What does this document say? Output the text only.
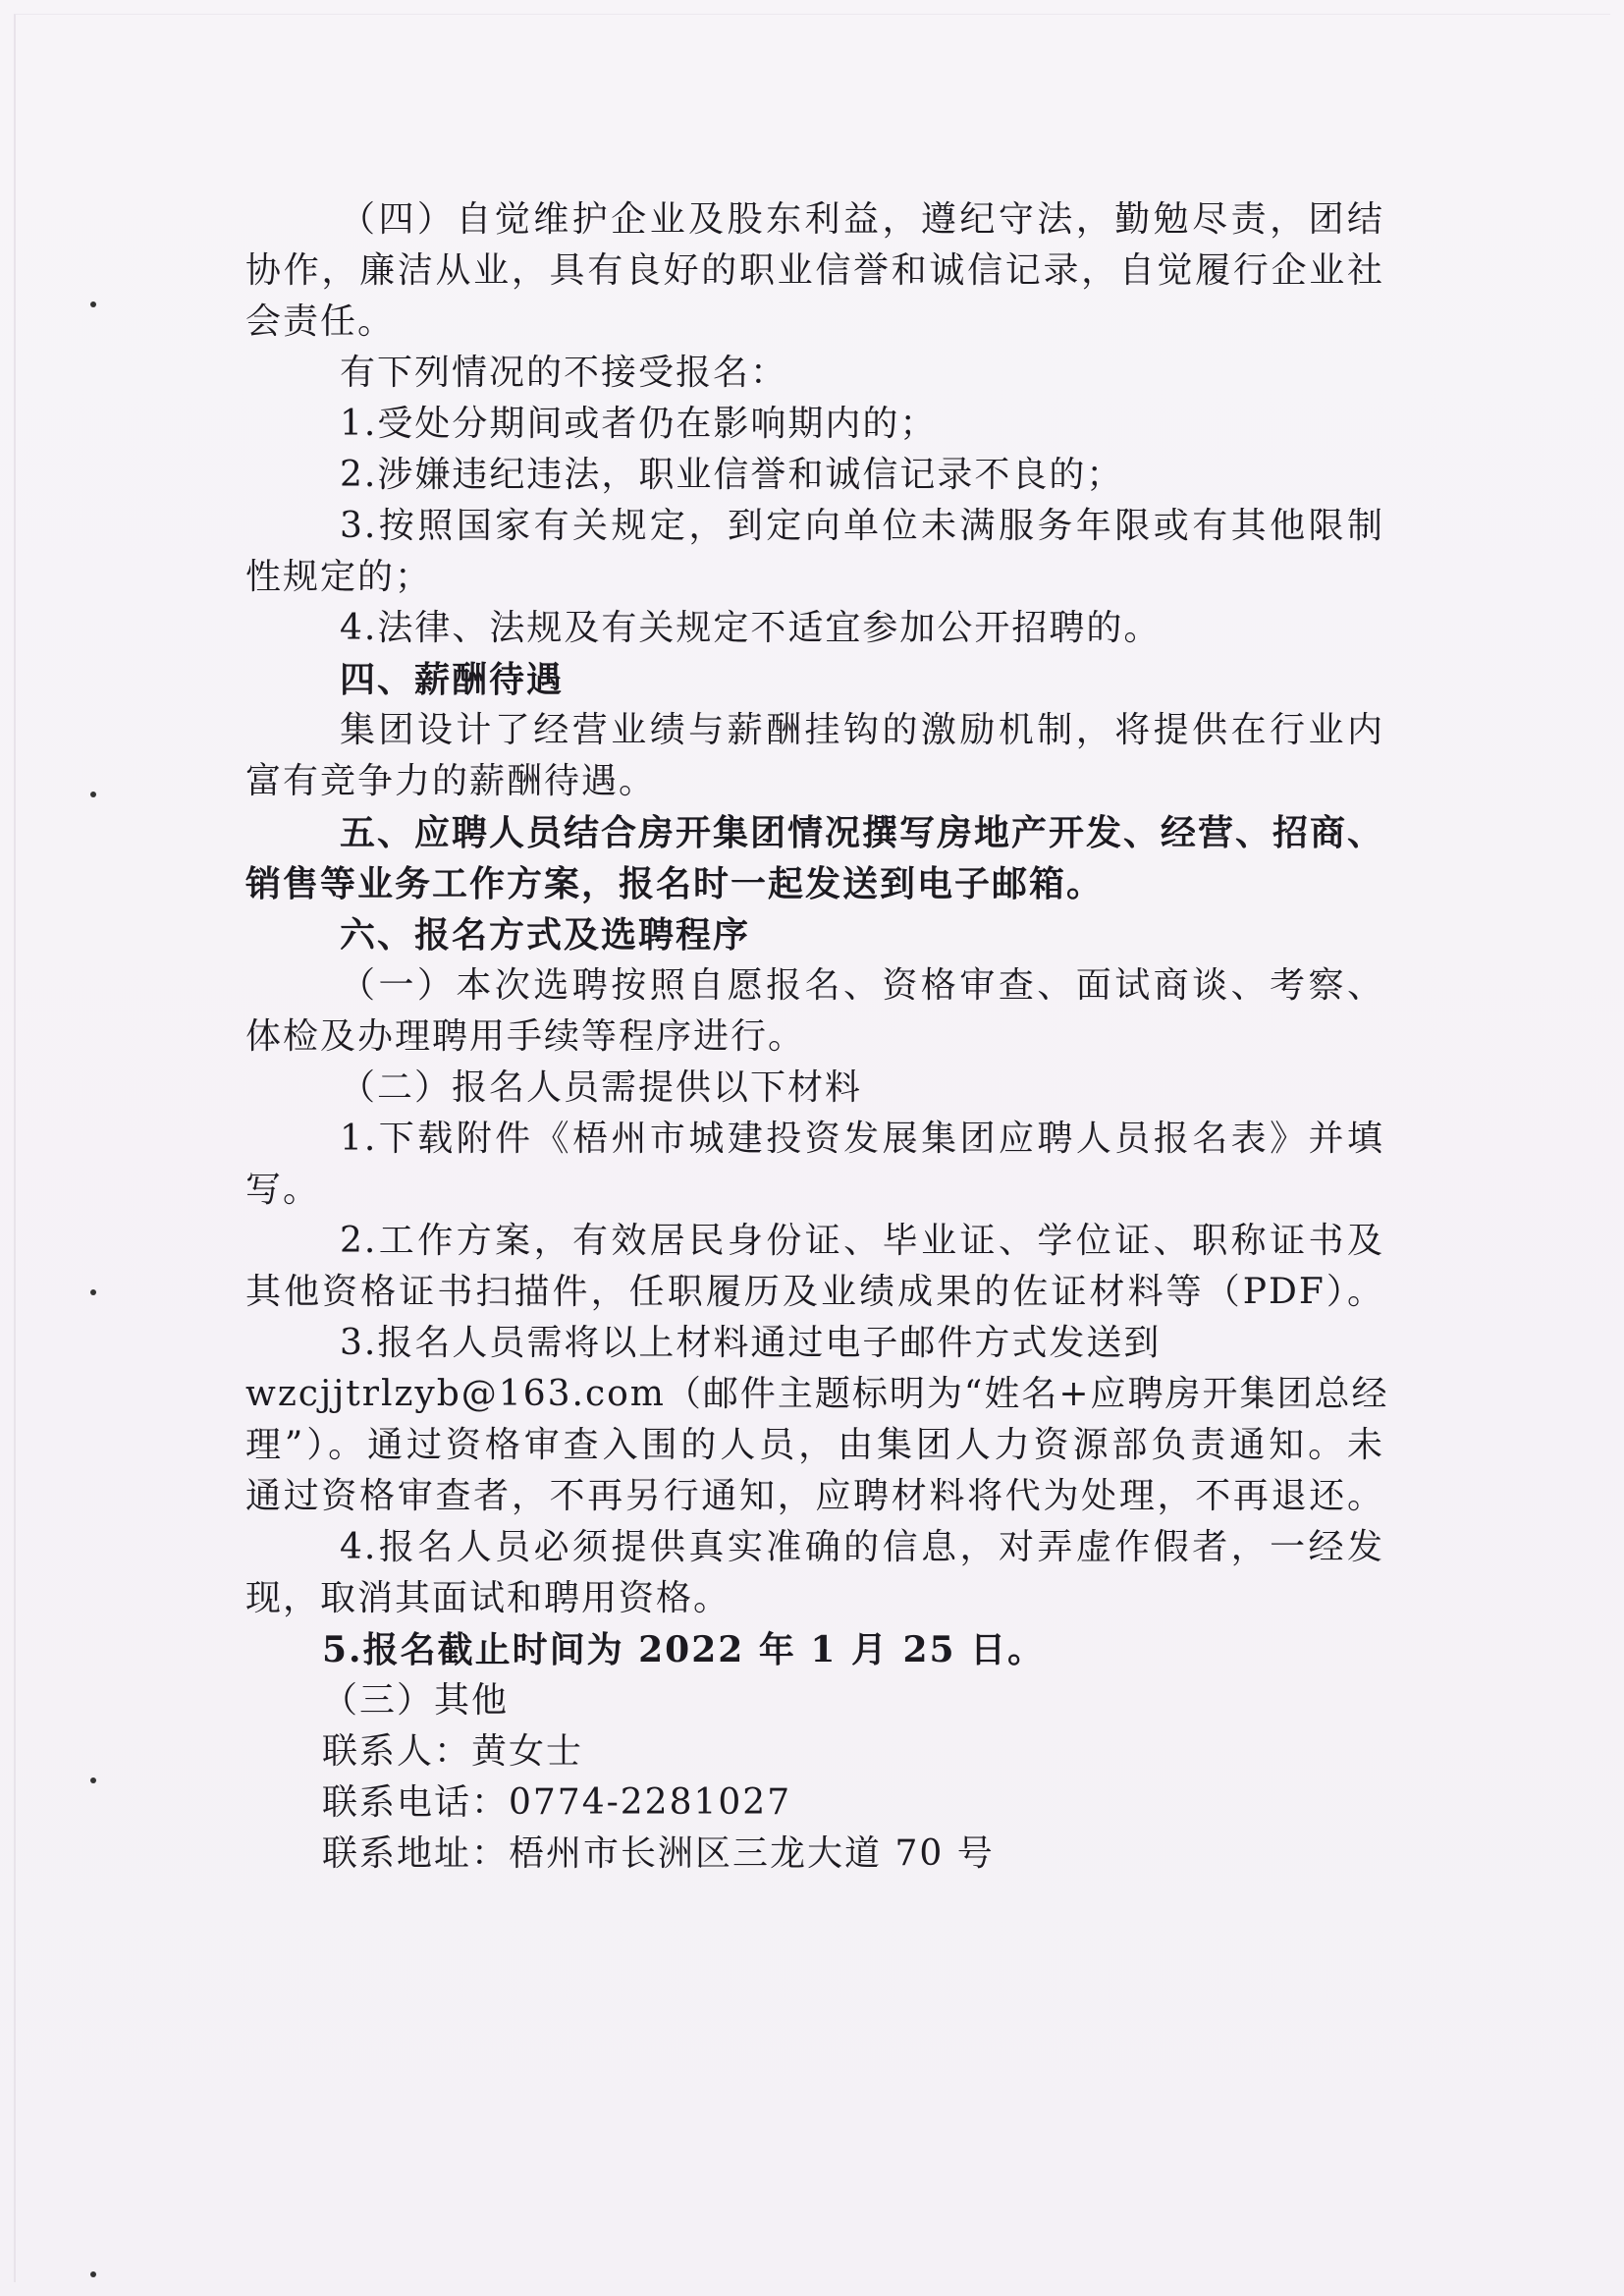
（四）自觉维护企业及股东利益，遵纪守法，勤勉尽责，团结
协作，廉洁从业，具有良好的职业信誉和诚信记录，自觉履行企业社
会责任。
有下列情况的不接受报名：
1.受处分期间或者仍在影响期内的；
2.涉嫌违纪违法，职业信誉和诚信记录不良的；
3.按照国家有关规定，到定向单位未满服务年限或有其他限制
性规定的；
4.法律、法规及有关规定不适宜参加公开招聘的。
四、薪酬待遇
集团设计了经营业绩与薪酬挂钩的激励机制，将提供在行业内
富有竞争力的薪酬待遇。
五、应聘人员结合房开集团情况撰写房地产开发、经营、招商、
销售等业务工作方案，报名时一起发送到电子邮箱。
六、报名方式及选聘程序
（一）本次选聘按照自愿报名、资格审查、面试商谈、考察、
体检及办理聘用手续等程序进行。
（二）报名人员需提供以下材料
1.下载附件《梧州市城建投资发展集团应聘人员报名表》并填
写。
2.工作方案，有效居民身份证、毕业证、学位证、职称证书及
其他资格证书扫描件，任职履历及业绩成果的佐证材料等（PDF）。
3.报名人员需将以上材料通过电子邮件方式发送到
wzcjjtrlzyb@163.com（邮件主题标明为“姓名+应聘房开集团总经
理”）。通过资格审查入围的人员，由集团人力资源部负责通知。未
通过资格审查者，不再另行通知，应聘材料将代为处理，不再退还。
4.报名人员必须提供真实准确的信息，对弄虚作假者，一经发
现，取消其面试和聘用资格。
5.报名截止时间为 2022 年 1 月 25 日。
（三）其他
联系人：黄女士
联系电话：0774-2281027
联系地址：梧州市长洲区三龙大道 70 号
